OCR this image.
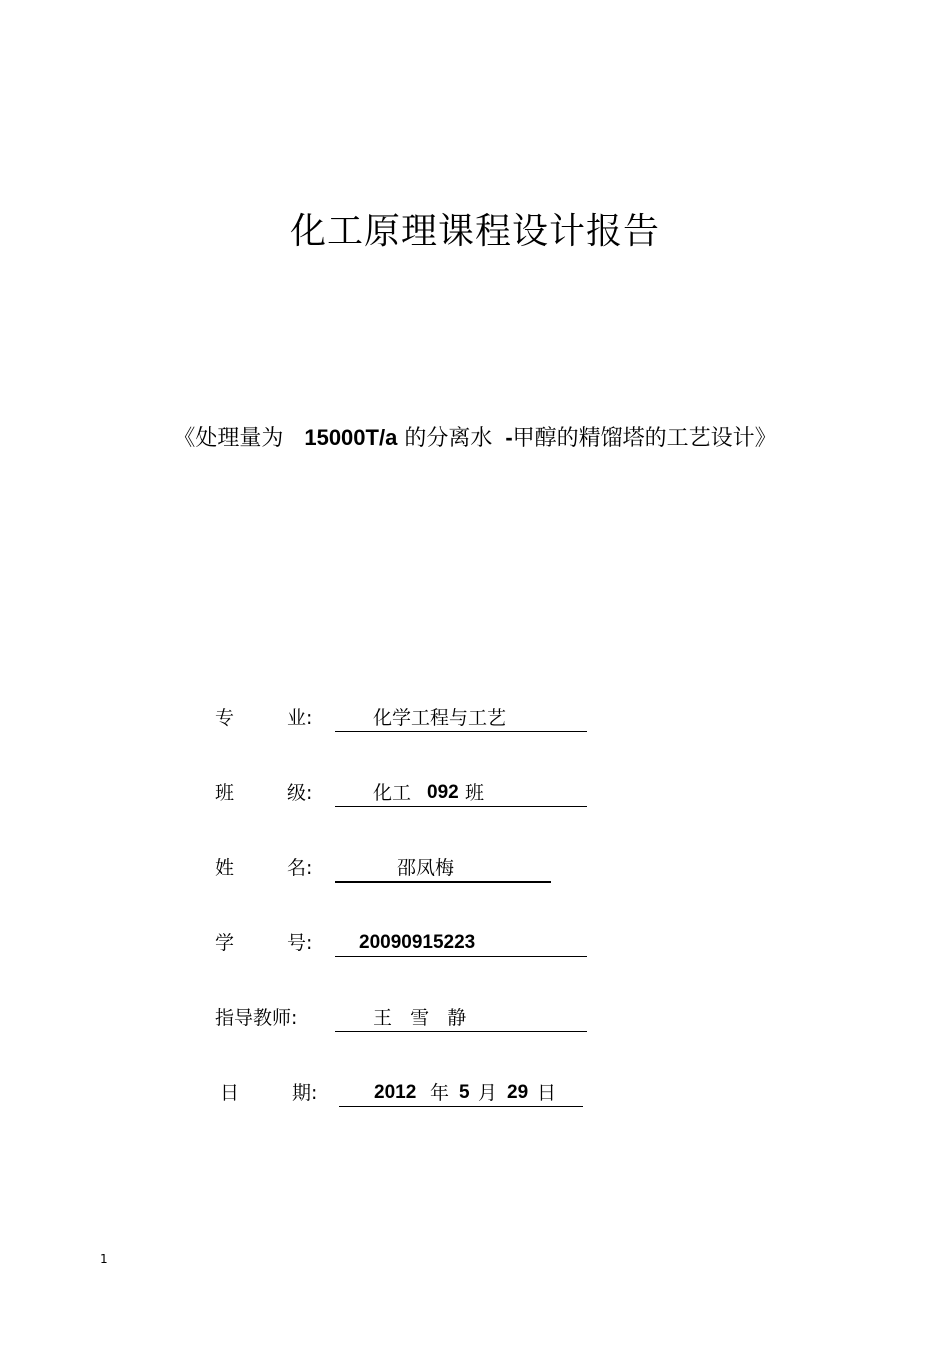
化工原理课程设计报告
《处理量为 15000T/a 的分离水 -甲醇的精馏塔的工艺设计》
专	业:	化学工程与工艺
班	级:	化工 092 班
姓	名:	邵凤梅
学	号: 20090915223
指导教师:	王   雪   静
日	期:	2012 年 5 月 29 日
1
